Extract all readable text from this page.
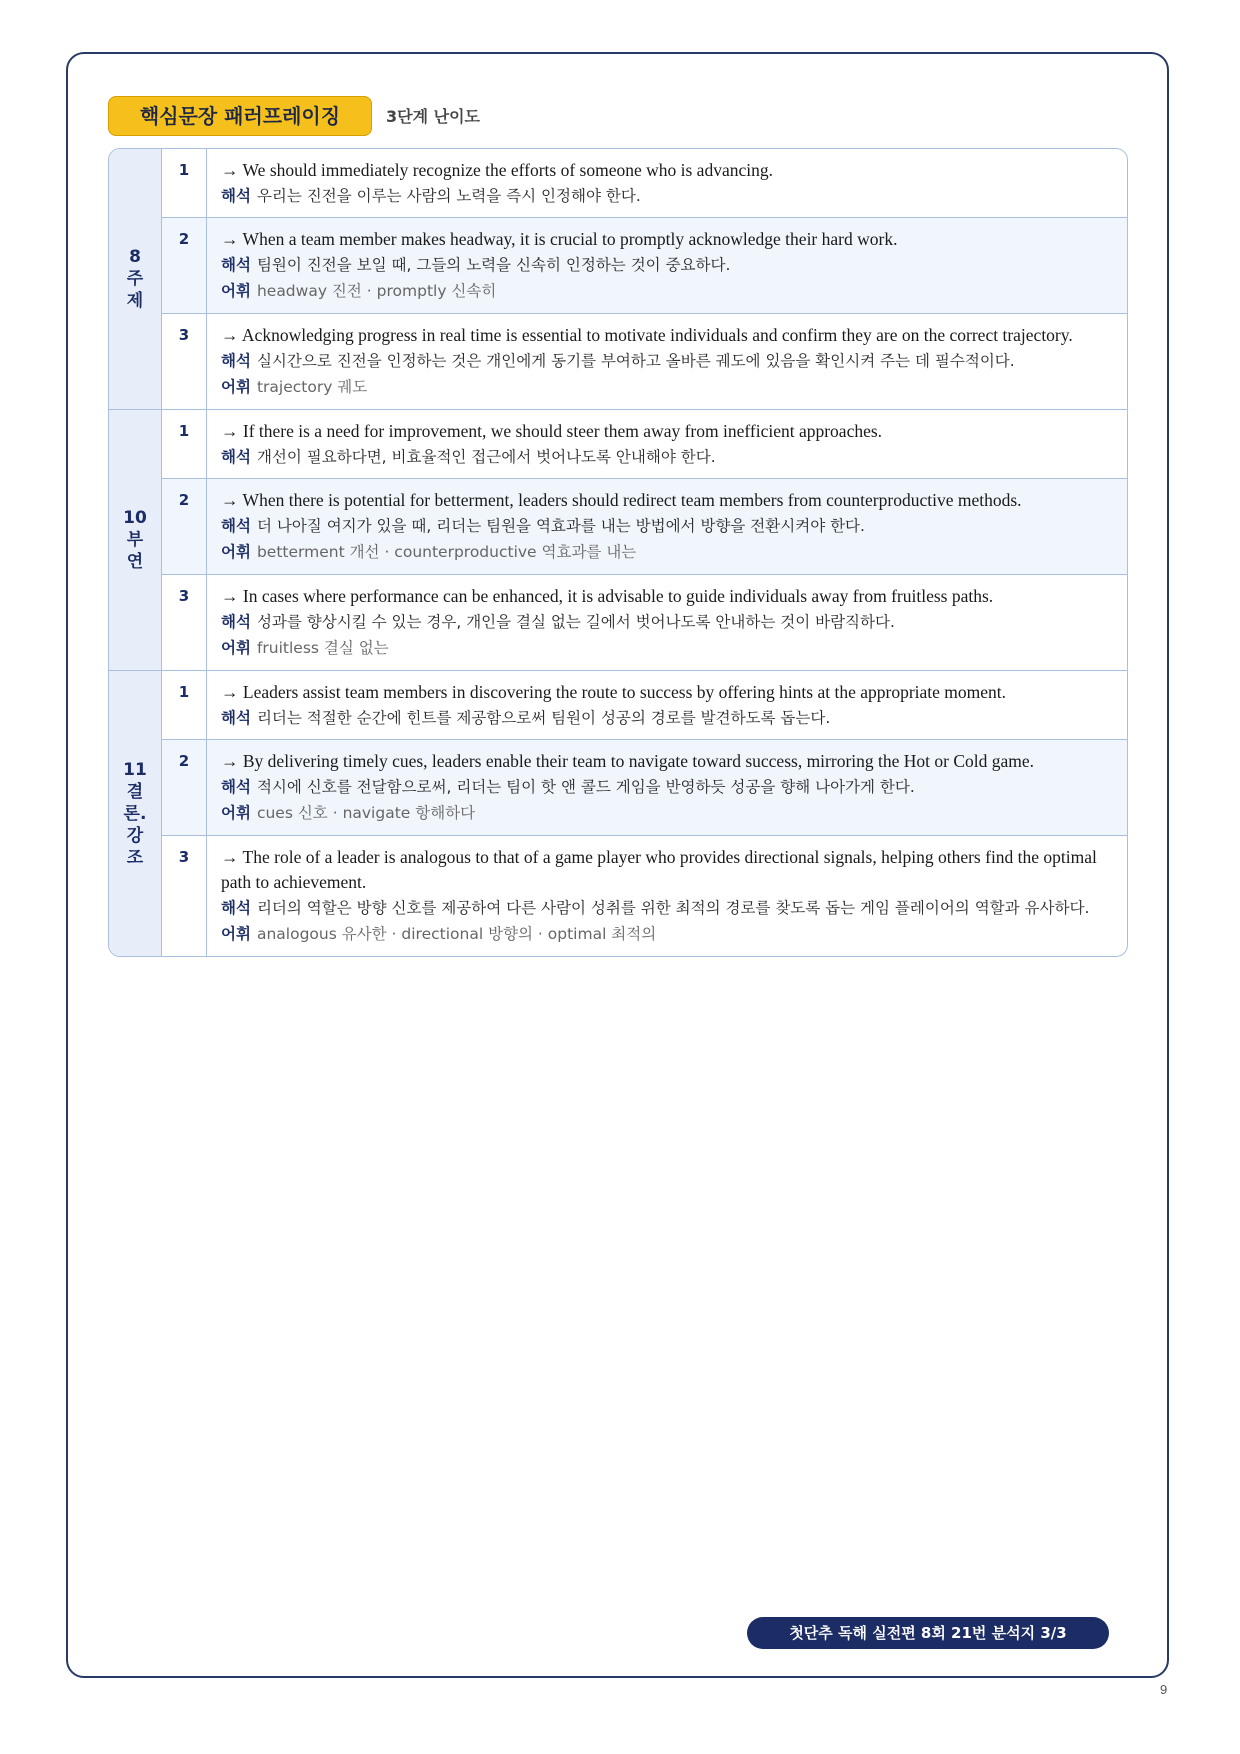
핵심문장 패러프레이징	3단계 난이도
8 주제
1	→ We should immediately recognize the efforts of someone who is advancing.
해석 우리는 진전을 이루는 사람의 노력을 즉시 인정해야 한다.
2	→ When a team member makes headway, it is crucial to promptly acknowledge their hard work.
해석 팀원이 진전을 보일 때, 그들의 노력을 신속히 인정하는 것이 중요하다.
어휘 headway 진전 · promptly 신속히
3	→ Acknowledging progress in real time is essential to motivate individuals and confirm they are on the correct trajectory.
해석 실시간으로 진전을 인정하는 것은 개인에게 동기를 부여하고 올바른 궤도에 있음을 확인시켜 주는 데 필수적이다.
어휘 trajectory 궤도
10 부연
1	→ If there is a need for improvement, we should steer them away from inefficient approaches.
해석 개선이 필요하다면, 비효율적인 접근에서 벗어나도록 안내해야 한다.
2	→ When there is potential for betterment, leaders should redirect team members from counterproductive methods.
해석 더 나아질 여지가 있을 때, 리더는 팀원을 역효과를 내는 방법에서 방향을 전환시켜야 한다.
어휘 betterment 개선 · counterproductive 역효과를 내는
3	→ In cases where performance can be enhanced, it is advisable to guide individuals away from fruitless paths.
해석 성과를 향상시킬 수 있는 경우, 개인을 결실 없는 길에서 벗어나도록 안내하는 것이 바람직하다.
어휘 fruitless 결실 없는
11 결론. 강조
1	→ Leaders assist team members in discovering the route to success by offering hints at the appropriate moment.
해석 리더는 적절한 순간에 힌트를 제공함으로써 팀원이 성공의 경로를 발견하도록 돕는다.
2	→ By delivering timely cues, leaders enable their team to navigate toward success, mirroring the Hot or Cold game.
해석 적시에 신호를 전달함으로써, 리더는 팀이 핫 앤 콜드 게임을 반영하듯 성공을 향해 나아가게 한다.
어휘 cues 신호 · navigate 항해하다
3	→ The role of a leader is analogous to that of a game player who provides directional signals, helping others find the optimal path to achievement.
해석 리더의 역할은 방향 신호를 제공하여 다른 사람이 성취를 위한 최적의 경로를 찾도록 돕는 게임 플레이어의 역할과 유사하다.
어휘 analogous 유사한 · directional 방향의 · optimal 최적의
첫단추 독해 실전편 8회 21번 분석지 3/3
9
